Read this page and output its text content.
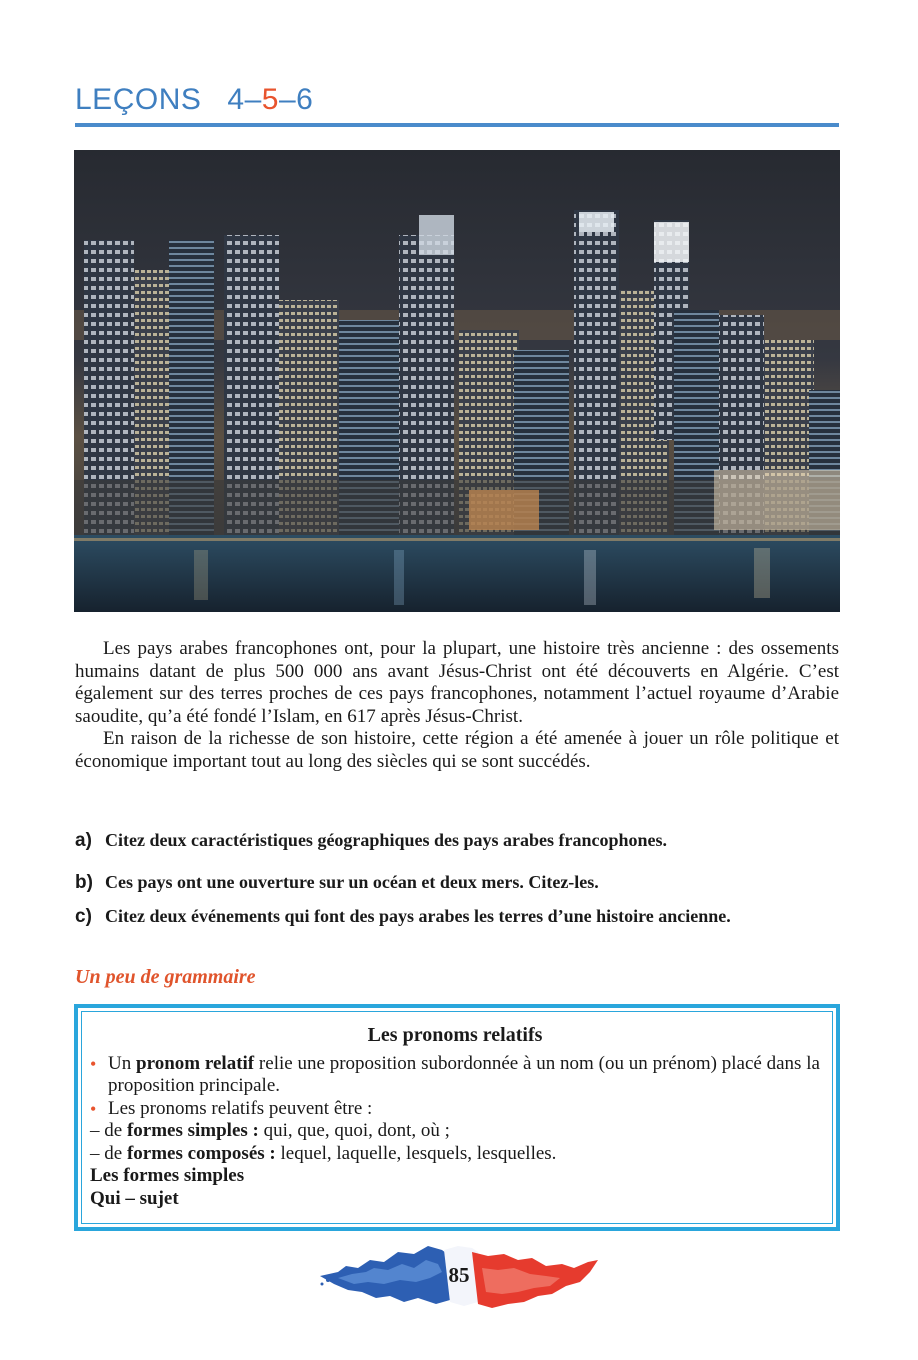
LEÇONS 4–5–6

Les pays arabes francophones ont, pour la plupart, une histoire très ancienne : des ossements humains datant de plus 500 000 ans avant Jésus-Christ ont été découverts en Algérie. C’est également sur des terres proches de ces pays francophones, notamment l’actuel royaume d’Arabie saoudite, qu’a été fondé l’Islam, en 617 après Jésus-Christ.

En raison de la richesse de son histoire, cette région a été amenée à jouer un rôle politique et économique important tout au long des siècles qui se sont succédés.

a) Citez deux caractéristiques géographiques des pays arabes francophones.
b) Ces pays ont une ouverture sur un océan et deux mers. Citez-les.
c) Citez deux événements qui font des pays arabes les terres d’une histoire ancienne.
Un peu de grammaire
Les pronoms relatifs
• Un pronom relatif relie une proposition subordonnée à un nom (ou un prénom) placé dans la proposition principale.
• Les pronoms relatifs peuvent être :

– de formes simples : qui, que, quoi, dont, où ;

– de formes composés : lequel, laquelle, lesquels, lesquelles.

Les formes simples

Qui – sujet

85
